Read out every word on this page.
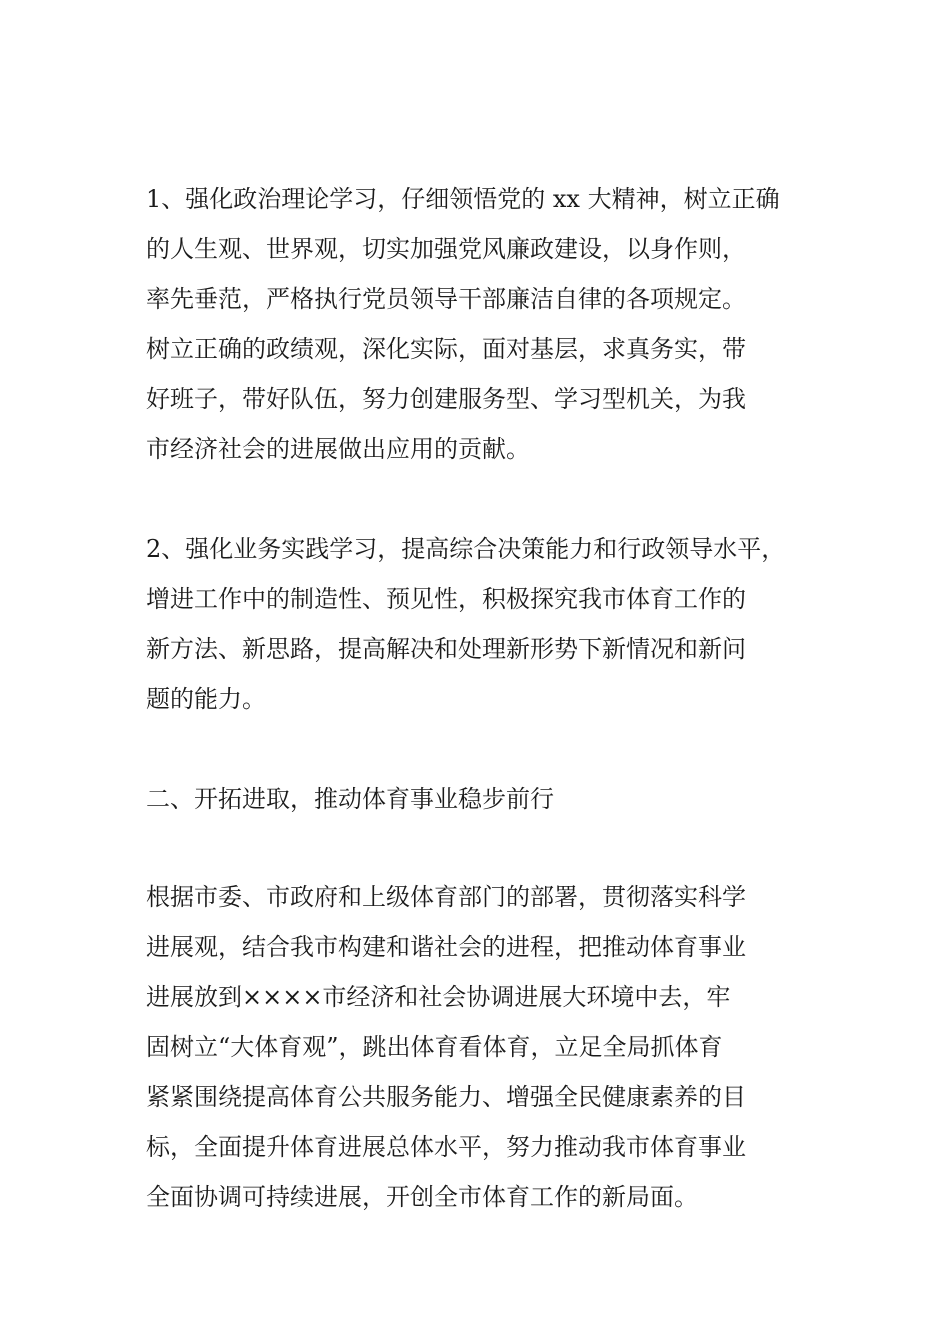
1、强化政治理论学习，仔细领悟党的 xx 大精神，树立正确
的人生观、世界观，切实加强党风廉政建设，以身作则，
率先垂范，严格执行党员领导干部廉洁自律的各项规定。
树立正确的政绩观，深化实际，面对基层，求真务实，带
好班子，带好队伍，努力创建服务型、学习型机关，为我
市经济社会的进展做出应用的贡献。

2、强化业务实践学习，提高综合决策能力和行政领导水平，
增进工作中的制造性、预见性，积极探究我市体育工作的
新方法、新思路，提高解决和处理新形势下新情况和新问
题的能力。

二、开拓进取，推动体育事业稳步前行

根据市委、市政府和上级体育部门的部署，贯彻落实科学
进展观，结合我市构建和谐社会的进程，把推动体育事业
进展放到××××市经济和社会协调进展大环境中去，牢
固树立“大体育观”，跳出体育看体育，立足全局抓体育
紧紧围绕提高体育公共服务能力、增强全民健康素养的目
标，全面提升体育进展总体水平，努力推动我市体育事业
全面协调可持续进展，开创全市体育工作的新局面。
